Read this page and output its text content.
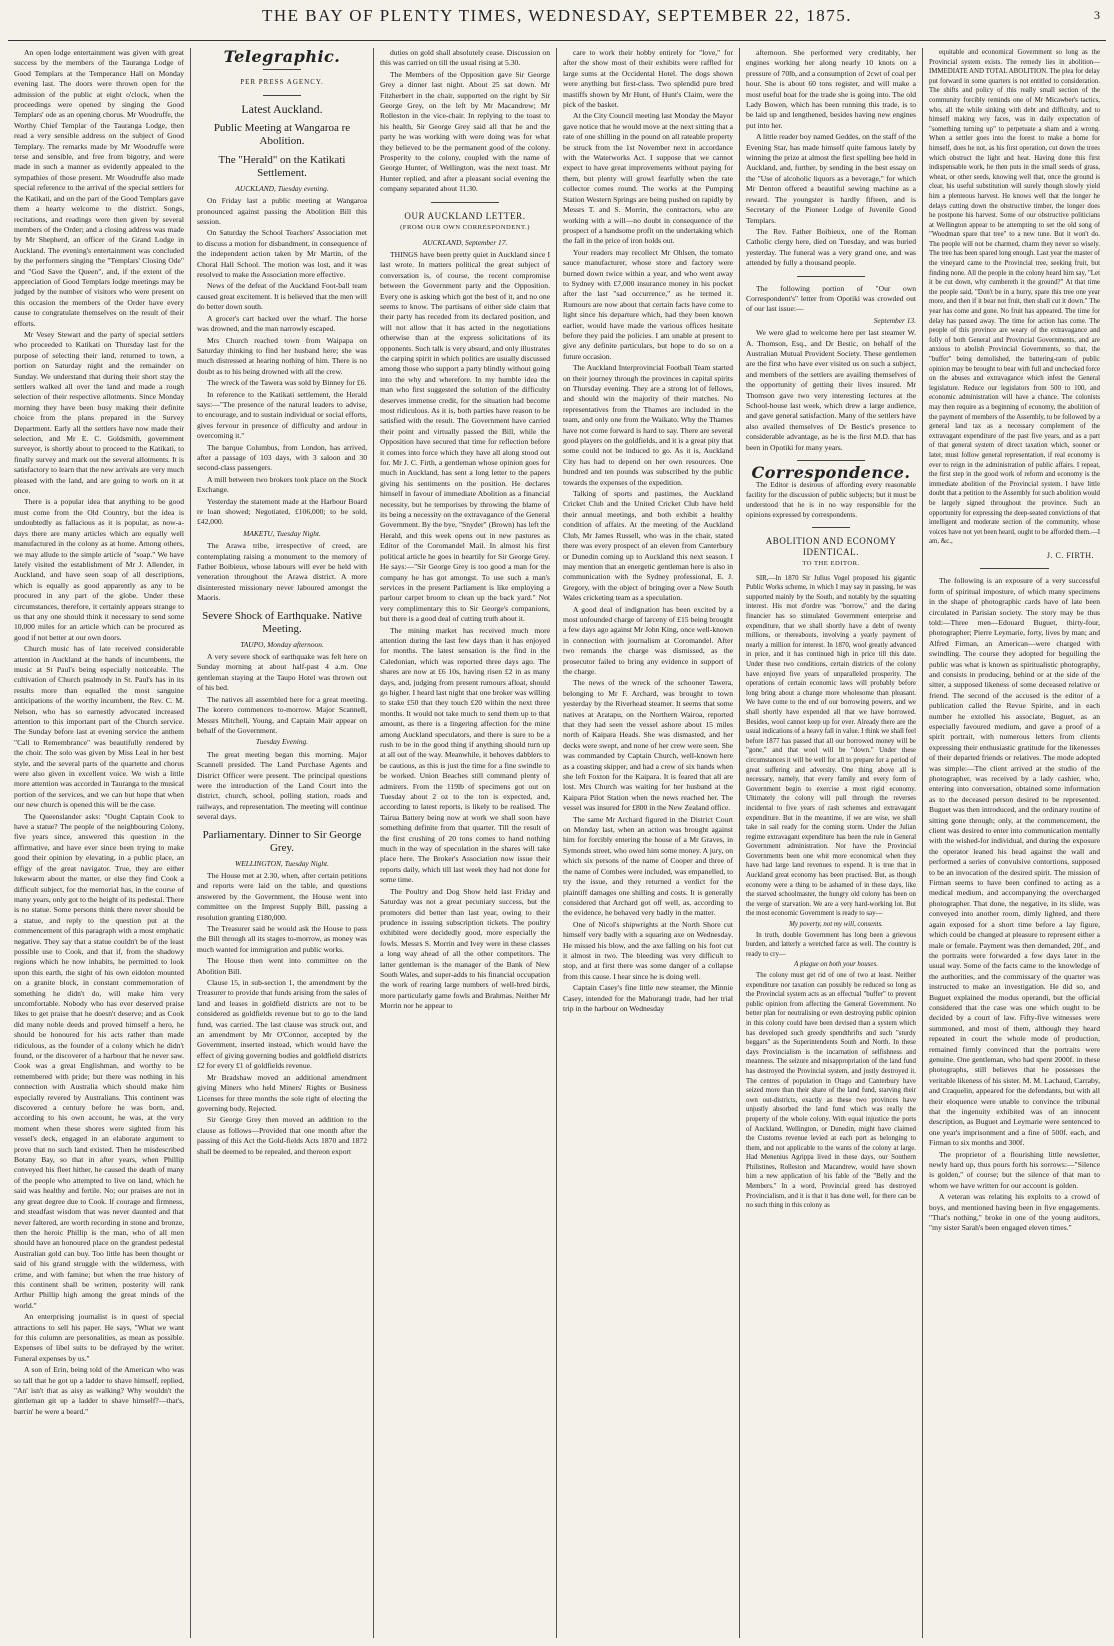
THE BAY OF PLENTY TIMES, WEDNESDAY, SEPTEMBER 22, 1875.	3

An open lodge entertainment was given with great success by the members of the Tauranga Lodge of Good Templars at the Temperance Hall on Monday evening last. The doors were thrown open for the admission of the public at eight o'clock, when the proceedings were opened by singing the Good Templars' ode as an opening chorus. Mr Woodruffe, the Worthy Chief Templar of the Tauranga Lodge, then read a very sensible address on the subject of Good Templary. The remarks made by Mr Woodruffe were terse and sensible, and free from bigotry, and were made in such a manner as evidently appealed to the sympathies of those present. Mr Woodruffe also made special reference to the arrival of the special settlers for the Katikati, and on the part of the Good Templars gave them a hearty welcome to the district. Songs, recitations, and readings were then given by several members of the Order; and a closing address was made by Mr Shepherd, an officer of the Grand Lodge in Auckland. The evening's entertainment was concluded by the performers singing the "Templars' Closing Ode" and "God Save the Queen", and, if the extent of the appreciation of Good Templars lodge meetings may be judged by the number of visitors who were present on this occasion the members of the Order have every cause to congratulate themselves on the result of their efforts.

Mr Vesey Stewart and the party of special settlers who proceeded to Katikati on Thursday last for the purpose of selecting their land, returned to town, a portion on Saturday night and the remainder on Sunday. We understand that during their short stay the settlers walked all over the land and made a rough selection of their respective allotments. Since Monday morning they have been busy making their definite choice from the plans prepared in the Survey Department. Early all the settlers have now made their selection, and Mr E. C. Goldsmith, government surveyor, is shortly about to proceed to the Katikati, to finally survey and mark out the several allotments. It is satisfactory to learn that the new arrivals are very much pleased with the land, and are going to work on it at once.

There is a popular idea that anything to be good must come from the Old Country, but the idea is undoubtedly as fallacious as it is popular, as now-a-days there are many articles which are equally well manufactured in the colony as at home. Among others, we may allude to the simple article of "soap." We have lately visited the establishment of Mr J. Allender, in Auckland, and have seen soap of all descriptions, which is equally as good apparently as any to be procured in any part of the globe. Under these circumstances, therefore, it certainly appears strange to us that any one should think it necessary to send some 10,000 miles for an article which can be procured as good if not better at our own doors.

Church music has of late received considerable attention in Auckland at the hands of incumbents, the music at St Paul's being especially noticeable. The cultivation of Church psalmody in St. Paul's has in its results more than equalled the most sanguine anticipations of the worthy incumbent, the Rev. C. M. Nelson, who has so earnestly advocated increased attention to this important part of the Church service. The Sunday before last at evening service the anthem "Call to Remembrance" was beautifully rendered by the choir. The solo was given by Miss Leal in her best style, and the several parts of the quartette and chorus were also given in excellent voice. We wish a little more attention was accorded in Tauranga to the musical portion of the services, and we can but hope that when our new church is opened this will be the case.

The Queenslander asks: "Ought Captain Cook to have a statue? The people of the neighbouring Colony, five years since, answered this question in the affirmative, and have ever since been trying to make good their opinion by elevating, in a public place, an effigy of the great navigator. True, they are either lukewarm about the matter, or else they find Cook a difficult subject, for the memorial has, in the course of many years, only got to the height of its pedestal. There is no statue. Some persons think there never should be a statue, and reply to the question put at the commencement of this paragraph with a most emphatic negative. They say that a statue couldn't be of the least possible use to Cook, and that if, from the shadowy regions which he now inhabits, he permitted to look upon this earth, the sight of his own eidolon mounted on a granite block, in constant commemoration of something he didn't do, will make him very uncomfortable. Nobody who has ever deserved praise likes to get praise that he doesn't deserve; and as Cook did many noble deeds and proved himself a hero, he should be honoured for his acts rather than made ridiculous, as the founder of a colony which he didn't found, or the discoverer of a harbour that he never saw. Cook was a great Englishman, and worthy to be remembered with pride; but there was nothing in his connection with Australia which should make him especially revered by Australians. This continent was discovered a century before he was born, and, according to his own account, he was, at the very moment when these shores were sighted from his vessel's deck, engaged in an elaborate argument to prove that no such land existed. Then he misdescribed Botany Bay, so that in after years, when Phillip conveyed his fleet hither, he caused the death of many of the people who attempted to live on land, which he said was healthy and fertile. No; our praises are not in any great degree due to Cook. If courage and firmness, and steadfast wisdom that was never daunted and that never faltered, are worth recording in stone and bronze, then the heroic Phillip is the man, who of all men should have an honoured place on the grandest pedestal Australian gold can buy. Too little has been thought or said of his grand struggle with the wilderness, with crime, and with famine; but when the true history of this continent shall be written, posterity will rank Arthur Phillip high among the great minds of the world."

An enterprising journalist is in quest of special attractions to sell his paper. He says, "What we want for this column are personalities, as mean as possible. Expenses of libel suits to be defrayed by the writer. Funeral expenses by us."

A son of Erin, being told of the American who was so tall that he got up a ladder to shave himself, replied, "An' isn't that as aisy as walking? Why wouldn't the gintleman git up a ladder to shave himself?—that's, barrin' he were a beard."

Telegraphic.
PER PRESS AGENCY.
Latest Auckland.
Public Meeting at Wangaroa re Abolition.
The "Herald" on the Katikati Settlement.
AUCKLAND, Tuesday evening.

On Friday last a public meeting at Wangaroa pronounced against passing the Abolition Bill this session.

On Saturday the School Teachers' Association met to discuss a motion for disbandment, in consequence of the independent action taken by Mr Martin, of the Choral Hall School. The motion was lost, and it was resolved to make the Association more effective.

News of the defeat of the Auckland Foot-ball team caused great excitement. It is believed that the men will do better down south.

A grocer's cart backed over the wharf. The horse was drowned, and the man narrowly escaped.

Mrs Church reached town from Waipapa on Saturday thinking to find her husband here; she was much distressed at hearing nothing of him. There is no doubt as to his being drowned with all the crew.

The wreck of the Tawera was sold by Binney for £6.

In reference to the Katikati settlement, the Herald says:—"The presence of the natural leaders to advise, to encourage, and to sustain individual or social efforts, gives fervour in presence of difficulty and ardour in overcoming it."

The barque Columbus, from London, has arrived, after a passage of 103 days, with 3 saloon and 30 second-class passengers.

A mill between two brokers took place on the Stock Exchange.

Yesterday the statement made at the Harbour Board re loan showed; Negotiated, £106,000; to be sold, £42,000.

MAKETU, Tuesday Night.

The Arawa tribe, irrespective of creed, are contemplating raising a monument to the memory of Father Boibieux, whose labours will ever be held with veneration throughout the Arawa district. A more disinterested missionary never laboured amongst the Maoris.

Severe Shock of Earthquake. Native Meeting.
TAUPO, Monday afternoon.

A very severe shock of earthquake was felt here on Sunday morning at about half-past 4 a.m. One gentleman staying at the Taupo Hotel was thrown out of his bed.

The natives all assembled here for a great meeting. The korero commences to-morrow. Major Scannell, Messrs Mitchell, Young, and Captain Mair appear on behalf of the Government.

Tuesday Evening.

The great meeting began this morning. Major Scannell presided. The Land Purchase Agents and District Officer were present. The principal questions were the introduction of the Land Court into the district, church, school, polling station, roads and railways, and representation. The meeting will continue several days.

Parliamentary. Dinner to Sir George Grey.
WELLINGTON, Tuesday Night.

The House met at 2.30, when, after certain petitions and reports were laid on the table, and questions answered by the Government, the House went into committee on the Imprest Supply Bill, passing a resolution granting £180,000.

The Treasurer said he would ask the House to pass the Bill through all its stages to-morrow, as money was much wanted for immigration and public works.

The House then went into committee on the Abolition Bill.

Clause 15, in sub-section 1, the amendment by the Treasurer to provide that funds arising from the sales of land and leases in goldfield districts are not to be considered as goldfields revenue but to go to the land fund, was carried. The last clause was struck out, and an amendment by Mr O'Connor, accepted by the Government, inserted instead, which would have the effect of giving governing bodies and goldfield districts £2 for every £1 of goldfields revenue.

Mr Bradshaw moved an additional amendment giving Miners who held Miners' Rights or Business Licenses for three months the sole right of electing the governing body. Rejected.

Sir George Grey then moved an addition to the clause as follows—Provided that one month after the passing of this Act the Gold-fields Acts 1870 and 1872 shall be deemed to be repealed, and thereon export

duties on gold shall absolutely cease. Discussion on this was carried on till the usual rising at 5.30.

The Members of the Opposition gave Sir George Grey a dinner last night. About 25 sat down. Mr Fitzherbert in the chair, supported on the right by Sir George Grey, on the left by Mr Macandrew; Mr Rolleston in the vice-chair. In replying to the toast to his health, Sir George Grey said all that he and the party he was working with were doing was for what they believed to be the permanent good of the colony. Prosperity to the colony, coupled with the name of George Hunter, of Wellington, was the next toast. Mr Hunter replied, and after a pleasant social evening the company separated about 11.30.

OUR AUCKLAND LETTER.
(FROM OUR OWN CORRESPONDENT.)
AUCKLAND, September 17.

THINGS have been pretty quiet in Auckland since I last wrote. In matters political the great subject of conversation is, of course, the recent compromise between the Government party and the Opposition. Every one is asking which got the best of it, and no one seems to know. The partisans of either side claim that their party has receded from its declared position, and will not allow that it has acted in the negotiations otherwise than at the express solicitations of its opponents. Such talk is very absurd, and only illustrates the carping spirit in which politics are usually discussed among those who support a party blindly without going into the why and wherefore. In my humble idea the man who first suggested the solution of the difficulty deserves immense credit, for the situation had become most ridiculous. As it is, both parties have reason to be satisfied with the result. The Government have carried their point and virtually passed the Bill, while the Opposition have secured that time for reflection before it comes into force which they have all along stood out for. Mr J. C. Firth, a gentleman whose opinion goes for much in Auckland, has sent a long letter to the papers giving his sentiments on the position. He declares himself in favour of immediate Abolition as a financial necessity, but he temporises by throwing the blame of its being a necessity on the extravagance of the General Government. By the bye, "Snyder" (Brown) has left the Herald, and this week opens out in new pastures as Editor of the Coromandel Mail. In almost his first political article he goes in heartily for Sir George Grey. He says:—"Sir George Grey is too good a man for the company he has got amongst. To use such a man's services in the present Parliament is like employing a parlour carpet broom to clean up the back yard." Not very complimentary this to Sir George's companions, but there is a good deal of cutting truth about it.

The mining market has received much more attention during the last few days than it has enjoyed for months. The latest sensation is the find in the Caledonian, which was reported three days ago. The shares are now at £6 10s, having risen £2 in as many days, and, judging from present rumours afloat, should go higher. I heard last night that one broker was willing to stake £50 that they touch £20 within the next three months. It would not take much to send them up to that amount, as there is a lingering affection for the mine among Auckland speculators, and there is sure to be a rush to be in the good thing if anything should turn up at all out of the way. Meanwhile, it behoves dabblers to be cautious, as this is just the time for a fine swindle to be worked. Union Beaches still command plenty of admirers. From the 119lb of specimens got out on Tuesday about 2 oz to the ton is expected, and, according to latest reports, is likely to be realised. The Tairua Battery being now at work we shall soon have something definite from that quarter. Till the result of the first crushing of 20 tons comes to hand nothing much in the way of speculation in the shares will take place here. The Broker's Association now issue their reports daily, which till last week they had not done for some time.

The Poultry and Dog Show held last Friday and Saturday was not a great pecuniary success, but the promoters did better than last year, owing to their prudence in issuing subscription tickets. The poultry exhibited were decidedly good, more especially the fowls. Messrs S. Morrin and Ivey were in these classes a long way ahead of all the other competitors. The latter gentleman is the manager of the Bank of New South Wales, and super-adds to his financial occupation the work of rearing large numbers of well-bred birds, more particularly game fowls and Brahmas. Neither Mr Morrin nor he appear to

care to work their hobby entirely for "love," for after the show most of their exhibits were raffled for large sums at the Occidental Hotel. The dogs shown were anything but first-class. Two splendid pure bred mastiffs shown by Mr Hunt, of Hunt's Claim, were the pick of the basket.

At the City Council meeting last Monday the Mayor gave notice that he would move at the next sitting that a rate of one shilling in the pound on all rateable property be struck from the 1st November next in accordance with the Waterworks Act. I suppose that we cannot expect to have great improvements without paying for them, but plenty will growl fearfully when the rate collector comes round. The works at the Pumping Station Western Springs are being pushed on rapidly by Messrs T. and S. Morrin, the contractors, who are working with a will—no doubt in consequence of the prospect of a handsome profit on the undertaking which the fall in the price of iron holds out.

Your readers may recollect Mr Ohlsen, the tomato sauce manufacturer, whose store and factory were burned down twice within a year, and who went away to Sydney with £7,000 insurance money in his pocket after the last "sad occurrence," as he termed it. Rumours are now about that certain facts have come to light since his departure which, had they been known earlier, would have made the various offices hesitate before they paid the policies. I am unable at present to give any definite particulars, but hope to do so on a future occasion.

The Auckland Interprovincial Football Team started on their journey through the provinces in capital spirits on Thursday evening. They are a strong lot of fellows, and should win the majority of their matches. No representatives from the Thames are included in the team, and only one from the Waikato. Why the Thames have not come forward is hard to say. There are several good players on the goldfields, and it is a great pity that some could not be induced to go. As it is, Auckland City has had to depend on her own resources. One hundred and ten pounds was subscribed by the public towards the expenses of the expedition.

Talking of sports and pastimes, the Auckland Cricket Club and the United Cricket Club have held their annual meetings, and both exhibit a healthy condition of affairs. At the meeting of the Auckland Club, Mr James Russell, who was in the chair, stated there was every prospect of an eleven from Canterbury or Dunedin coming up to Auckland this next season. I may mention that an energetic gentleman here is also in communication with the Sydney professional, E. J. Gregory, with the object of bringing over a New South Wales cricketing team as a speculation.

A good deal of indignation has been excited by a most unfounded charge of larceny of £15 being brought a few days ago against Mr John King, once well-known in connection with journalism at Coromandel. After two remands the charge was dismissed, as the prosecutor failed to bring any evidence in support of the charge.

The news of the wreck of the schooner Tawera, belonging to Mr F. Archard, was brought to town yesterday by the Riverhead steamer. It seems that some natives at Aratapu, on the Northern Wairoa, reported that they had seen the vessel ashore about 15 miles north of Kaipara Heads. She was dismasted, and her decks were swept, and none of her crew were seen. She was commanded by Captain Church, well-known here as a coasting skipper, and had a crew of six hands when she left Foxton for the Kaipara. It is feared that all are lost. Mrs Church was waiting for her husband at the Kaipara Pilot Station when the news reached her. The vessel was insured for £800 in the New Zealand office.

The same Mr Archard figured in the District Court on Monday last, when an action was brought against him for forcibly entering the house of a Mr Graves, in Symonds street, who owed him some money. A jury, on which six persons of the name of Cooper and three of the name of Combes were included, was empanelled, to try the issue, and they returned a verdict for the plaintiff damages one shilling and costs. It is generally considered that Archard got off well, as, according to the evidence, he behaved very badly in the matter.

One of Nicol's shipwrights at the North Shore cut himself very badly with a squaring axe on Wednesday. He missed his blow, and the axe falling on his foot cut it almost in two. The bleeding was very difficult to stop, and at first there was some danger of a collapse from this cause. I hear since he is doing well.

Captain Casey's fine little new steamer, the Minnie Casey, intended for the Mahurangi trade, had her trial trip in the harbour on Wednesday

afternoon. She performed very creditably, her engines working her along nearly 10 knots on a pressure of 70lb, and a consumption of 2cwt of coal per hour. She is about 60 tons register, and will make a most useful boat for the trade she is going into. The old Lady Bowen, which has been running this trade, is to be laid up and lengthened, besides having new engines put into her.

A little reader boy named Geddes, on the staff of the Evening Star, has made himself quite famous lately by winning the prize at almost the first spelling bee held in Auckland, and, further, by sending in the best essay on the "Use of alcoholic liquors as a beverage," for which Mr Denton offered a beautiful sewing machine as a reward. The youngster is hardly fifteen, and is Secretary of the Pioneer Lodge of Juvenile Good Templars.

The Rev. Father Boibieux, one of the Roman Catholic clergy here, died on Tuesday, and was buried yesterday. The funeral was a very grand one, and was attended by fully a thousand people.

The following portion of "Our own Correspondent's" letter from Opotiki was crowded out of our last issue:—

September 13.

We were glad to welcome here per last steamer W. A. Thomson, Esq., and Dr Bestic, on behalf of the Australian Mutual Provident Society. These gentlemen are the first who have ever visited us on such a subject, and members of the settlers are availing themselves of the opportunity of getting their lives insured. Mr Thomson gave two very interesting lectures at the School-house last week, which drew a large audience, and gave general satisfaction. Many of the settlers have also availed themselves of Dr Bestic's presence to considerable advantage, as he is the first M.D. that has been in Opotiki for many years.

Correspondence.

The Editor is desirous of affording every reasonable facility for the discussion of public subjects; but it must be understood that he is in no way responsible for the opinions expressed by correspondents.

ABOLITION AND ECONOMY IDENTICAL.
TO THE EDITOR.

SIR,—In 1870 Sir Julius Vogel proposed his gigantic Public Works scheme, in which I may say in passing, he was supported mainly by the South, and notably by the squatting interest. His mot d'ordre was "borrow," and the daring financier has so stimulated Government enterprise and expenditure, that we shall shortly have a debt of twenty millions, or thereabouts, involving a yearly payment of nearly a million for interest. In 1870, wool greatly advanced in price, and it has continued high in price till this date. Under these two conditions, certain districts of the colony have enjoyed five years of unparalleled prosperity. The operations of certain economic laws will probably before long bring about a change more wholesome than pleasant. We have come to the end of our borrowing powers, and we shall shortly have expended all that we have borrowed. Besides, wool cannot keep up for ever. Already there are the usual indications of a heavy fall in value. I think we shall feel before 1877 has passed that all our borrowed money will be "gone," and that wool will be "down." Under these circumstances it will be well for all to prepare for a period of great suffering and adversity. One thing above all is necessary, namely, that every family and every form of Government begin to exercise a most rigid economy. Ultimately the colony will pull through the reverses incidental to five years of rash schemes and extravagant expenditure. But in the meantime, if we are wise, we shall take in sail ready for the coming storm. Under the Julian regime extravagant expenditure has been the rule in General Government administration. Nor have the Provincial Governments been one whit more economical when they have had large land revenues to expend. It is true that in Auckland great economy has been practised. But, as though economy were a thing to be ashamed of in these days, like the starved schoolmaster, the hungry old colony has been on the verge of starvation. We are a very hard-working lot. But the most economic Government is ready to say—

My poverty, not my will, consents.

In truth, double Government has long been a grievous burden, and latterly a wretched farce as well. The country is ready to cry—

A plague on both your houses.

The colony must get rid of one of two at least. Neither expenditure nor taxation can possibly be reduced so long as the Provincial system acts as an effectual "buffer" to prevent public opinion from affecting the General Government. No better plan for neutralising or even destroying public opinion in this colony could have been devised than a system which has developed such greedy spendthrifts and such "sturdy beggars" as the Superintendents South and North. In these days Provincialism is the incarnation of selfishness and meanness. The seizure and misappropriation of the land fund has destroyed the Provincial system, and justly destroyed it. The centres of population in Otago and Canterbury have seized more than their share of the land fund, starving their own out-districts, exactly as these two provinces have unjustly absorbed the land fund which was really the property of the whole colony. With equal injustice the ports of Auckland, Wellington, or Dunedin, might have claimed the Customs revenue levied at each port as belonging to them, and not applicable to the wants of the colony at large. Had Menenius Agrippa lived in these days, our Southern Philistines, Rolleston and Macandrew, would have shown him a new application of his fable of the "Belly and the Members." In a word, Provincial greed has destroyed Provincialism, and it is that it has done well, for there can be no such thing in this colony as

equitable and economical Government so long as the Provincial system exists. The remedy lies in abolition—IMMEDIATE AND TOTAL ABOLITION. The plea for delay put forward in some quarters is not entitled to consideration. The shifts and policy of this really small section of the community forcibly reminds one of Mr Micawber's tactics, who, all the while sinking with debt and difficulty, and to himself making wry faces, was in daily expectation of "something turning up" to perpetuate a sham and a wrong. When a settler goes into the forest to make a home for himself, does he not, as his first operation, cut down the trees which obstruct the light and heat. Having done this first indispensable work, he then puts in the small seeds of grass, wheat, or other seeds, knowing well that, once the ground is clear, his useful substitution will surely though slowly yield him a plenteous harvest. He knows well that the longer he delays cutting down the obstructive timber, the longer does he postpone his harvest. Some of our obstructive politicians at Wellington appear to be attempting to set the old song of "Woodman spare that tree" to a new tune. But it won't do. The people will not be charmed, charm they never so wisely. The tree has been spared long enough. Last year the master of the vineyard came to the Provincial tree, seeking fruit, but finding none. All the people in the colony heard him say, "Let it be cut down, why cumbereth it the ground?" At that time the people said, "Don't be in a hurry, spare this tree one year more, and then if it bear not fruit, then shall cut it down." The year has come and gone. No fruit has appeared. The time for delay has passed away. The time for action has come. The people of this province are weary of the extravagance and folly of both General and Provincial Governments, and are anxious to abolish Provincial Governments, so that, the "buffer" being demolished, the battering-ram of public opinion may be brought to bear with full and unchecked force on the abuses and extravagance which infest the General legislature. Reduce our legislators from 500 to 100, and economic administration will have a chance. The colonists may then require as a beginning of economy, the abolition of the payment of members of the Assembly, to be followed by a general land tax as a necessary complement of the extravagant expenditure of the past five years, and as a part of that general system of direct taxation which, sooner or later, must follow general representation, if real economy is ever to reign in the administration of public affairs. I repeat, the first step in the good work of reform and economy is the immediate abolition of the Provincial system. I have little doubt that a petition to the Assembly for such abolition would be largely signed throughout the province. Such an opportunity for expressing the deep-seated convictions of that intelligent and moderate section of the community, whose voices have not yet been heard, ought to be afforded them.—I am, &c.,

J. C. FIRTH.

The following is an exposure of a very successful form of spiritual imposture, of which many specimens in the shape of photographic cards have of late been circulated in Parisian society. The story may be thus told:—Three men—Edouard Buguet, thirty-four, photographer; Pierre Leymarie, forty, lives by man; and Alfred Firman, an American—were charged with swindling. The course they adopted for beguiling the public was what is known as spiritualistic photography, and consists in producing, behind or at the side of the sitter, a supposed likeness of some deceased relative or friend. The second of the accused is the editor of a publication called the Revue Spirite, and in each number he extolled his associate, Buguet, as an especially favoured medium, and gave a proof of a spirit portrait, with numerous letters from clients expressing their enthusiastic gratitude for the likenesses of their departed friends or relatives. The mode adopted was simple:—The client arrived at the studio of the photographer, was received by a lady cashier, who, entering into conversation, obtained some information as to the deceased person desired to be represented. Buguet was then introduced, and the ordinary routine of sitting gone through; only, at the commencement, the client was desired to enter into communication mentally with the wished-for individual, and during the exposure the operator leaned his head against the wall and performed a series of convulsive contortions, supposed to be an invocation of the desired spirit. The mission of Firman seems to have been confined to acting as a medical medium, and accompanying the overcharged photographer. That done, the negative, in its slide, was conveyed into another room, dimly lighted, and there again exposed for a short time before a lay figure, which could be changed at pleasure to represent either a male or female. Payment was then demanded, 20f., and the portraits were forwarded a few days later in the usual way. Some of the facts came to the knowledge of the authorities, and the commissary of the quarter was instructed to make an investigation. He did so, and Buguet explained the modus operandi, but the official considered that the case was one which ought to be decided by a court of law. Fifty-five witnesses were summoned, and most of them, although they heard repeated in court the whole mode of production, remained firmly convinced that the portraits were genuine. One gentleman, who had spent 2000f. in these photographs, still believes that he possesses the veritable likeness of his sister. M. M. Lachaud, Carraby, and Craquelin, appeared for the defendants, but with all their eloquence were unable to convince the tribunal that the ingenuity exhibited was of an innocent description, as Buguet and Leymarie were sentenced to one year's imprisonment and a fine of 500f. each, and Firman to six months and 300f.

The proprietor of a flourishing little newsletter, newly hard up, thus pours forth his sorrows:—"Silence is golden," of course; but the silence of that man to whom we have written for our account is golden.

A veteran was relating his exploits to a crowd of boys, and mentioned having been in five engagements. "That's nothing," broke in one of the young auditors, "my sister Sarah's been engaged eleven times."
